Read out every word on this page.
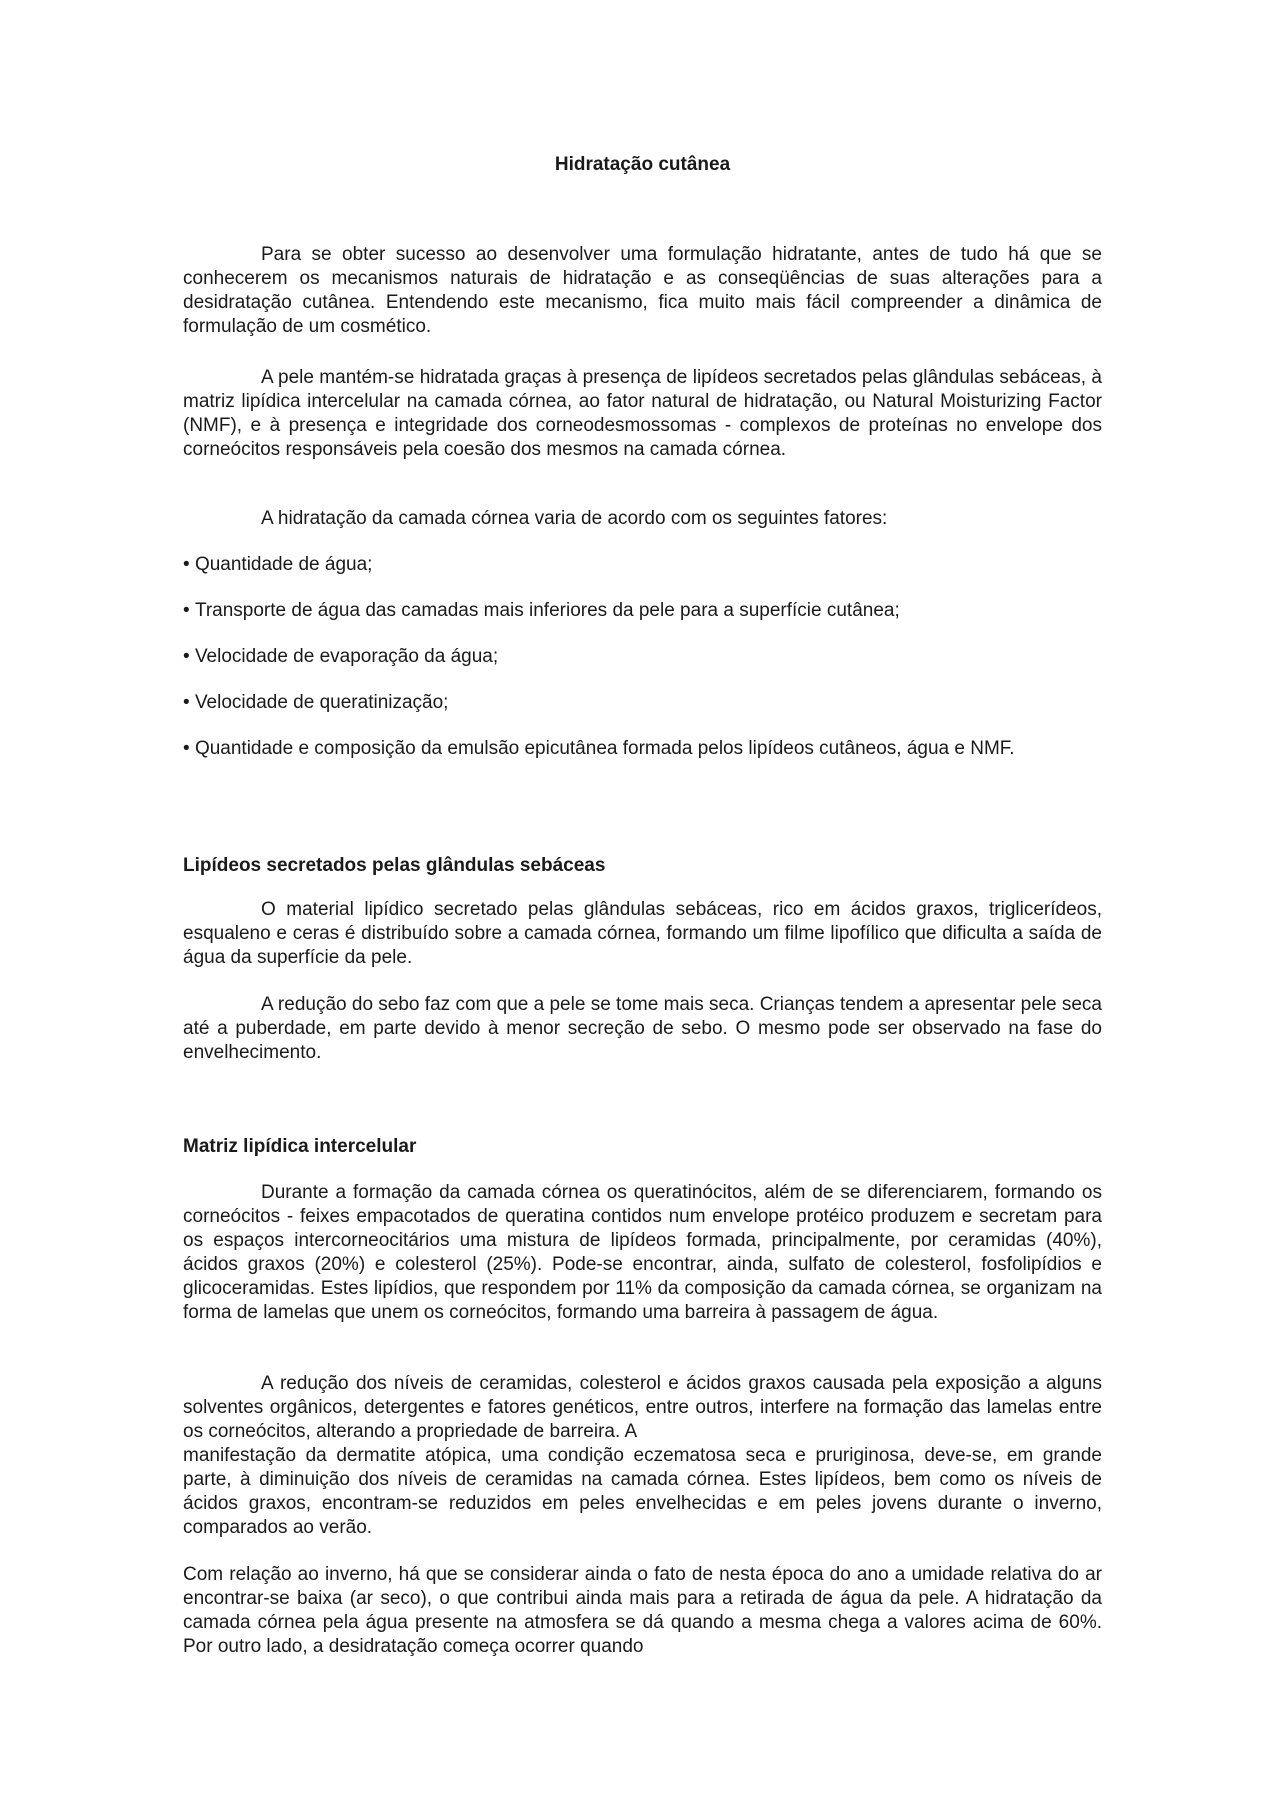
Hidratação cutânea

Para se obter sucesso ao desenvolver uma formulação hidratante, antes de tudo há que se conhecerem os mecanismos naturais de hidratação e as conseqüências de suas alterações para a desidratação cutânea. Entendendo este mecanismo, fica muito mais fácil compreender a dinâmica de formulação de um cosmético.

A pele mantém-se hidratada graças à presença de lipídeos secretados pelas glândulas sebáceas, à matriz lipídica intercelular na camada córnea, ao fator natural de hidratação, ou Natural Moisturizing Factor (NMF), e à presença e integridade dos corneodesmossomas - complexos de proteínas no envelope dos corneócitos responsáveis pela coesão dos mesmos na camada córnea.

A hidratação da camada córnea varia de acordo com os seguintes fatores:

• Quantidade de água;

• Transporte de água das camadas mais inferiores da pele para a superfície cutânea;

• Velocidade de evaporação da água;

• Velocidade de queratinização;

• Quantidade e composição da emulsão epicutânea formada pelos lipídeos cutâneos, água e NMF.

Lipídeos secretados pelas glândulas sebáceas

O material lipídico secretado pelas glândulas sebáceas, rico em ácidos graxos, triglicerídeos, esqualeno e ceras é distribuído sobre a camada córnea, formando um filme lipofílico que dificulta a saída de água da superfície da pele.

A redução do sebo faz com que a pele se tome mais seca. Crianças tendem a apresentar pele seca até a puberdade, em parte devido à menor secreção de sebo. O mesmo pode ser observado na fase do envelhecimento.

Matriz lipídica intercelular

Durante a formação da camada córnea os queratinócitos, além de se diferenciarem, formando os corneócitos - feixes empacotados de queratina contidos num envelope protéico produzem e secretam para os espaços intercorneocitários uma mistura de lipídeos formada, principalmente, por ceramidas (40%), ácidos graxos (20%) e colesterol (25%). Pode-se encontrar, ainda, sulfato de colesterol, fosfolipídios e glicoceramidas. Estes lipídios, que respondem por 11% da composição da camada córnea, se organizam na forma de lamelas que unem os corneócitos, formando uma barreira à passagem de água.

A redução dos níveis de ceramidas, colesterol e ácidos graxos causada pela exposição a alguns solventes orgânicos, detergentes e fatores genéticos, entre outros, interfere na formação das lamelas entre os corneócitos, alterando a propriedade de barreira. A

manifestação da dermatite atópica, uma condição eczematosa seca e pruriginosa, deve-se, em grande parte, à diminuição dos níveis de ceramidas na camada córnea. Estes lipídeos, bem como os níveis de ácidos graxos, encontram-se reduzidos em peles envelhecidas e em peles jovens durante o inverno, comparados ao verão.

Com relação ao inverno, há que se considerar ainda o fato de nesta época do ano a umidade relativa do ar encontrar-se baixa (ar seco), o que contribui ainda mais para a retirada de água da pele. A hidratação da camada córnea pela água presente na atmosfera se dá quando a mesma chega a valores acima de 60%. Por outro lado, a desidratação começa ocorrer quando
